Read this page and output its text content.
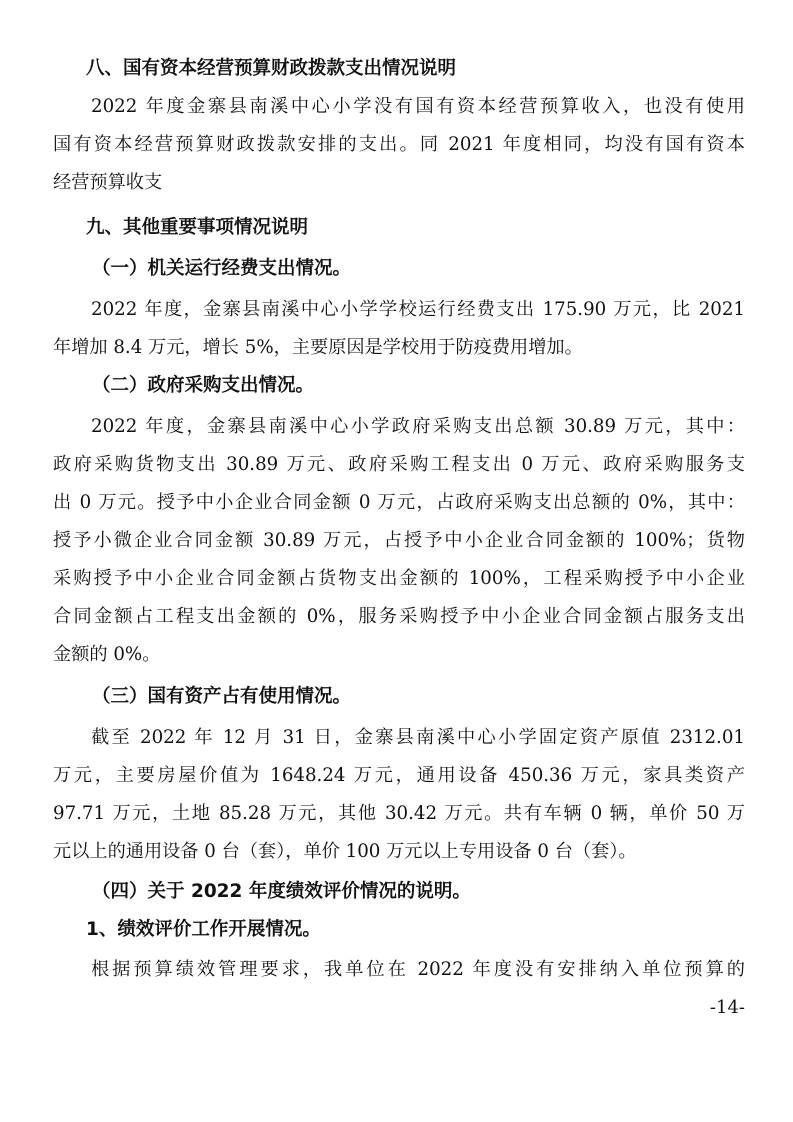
八、国有资本经营预算财政拨款支出情况说明
2022 年度金寨县南溪中心小学没有国有资本经营预算收入，也没有使用
国有资本经营预算财政拨款安排的支出。同 2021 年度相同，均没有国有资本
经营预算收支
九、其他重要事项情况说明
（一）机关运行经费支出情况。
2022 年度，金寨县南溪中心小学学校运行经费支出 175.90 万元，比 2021
年增加 8.4 万元，增长 5%，主要原因是学校用于防疫费用增加。
（二）政府采购支出情况。
2022 年度，金寨县南溪中心小学政府采购支出总额 30.89 万元，其中：
政府采购货物支出 30.89 万元、政府采购工程支出 0 万元、政府采购服务支
出 0 万元。授予中小企业合同金额 0 万元，占政府采购支出总额的 0%，其中：
授予小微企业合同金额 30.89 万元，占授予中小企业合同金额的 100%；货物
采购授予中小企业合同金额占货物支出金额的 100%，工程采购授予中小企业
合同金额占工程支出金额的 0%，服务采购授予中小企业合同金额占服务支出
金额的 0%。
（三）国有资产占有使用情况。
截至 2022 年 12 月 31 日，金寨县南溪中心小学固定资产原值 2312.01
万元，主要房屋价值为 1648.24 万元，通用设备 450.36 万元，家具类资产
97.71 万元，土地 85.28 万元，其他 30.42 万元。共有车辆 0 辆，单价 50 万
元以上的通用设备 0 台（套），单价 100 万元以上专用设备 0 台（套）。
（四）关于 2022 年度绩效评价情况的说明。
1、绩效评价工作开展情况。
根据预算绩效管理要求，我单位在 2022 年度没有安排纳入单位预算的
-14-
